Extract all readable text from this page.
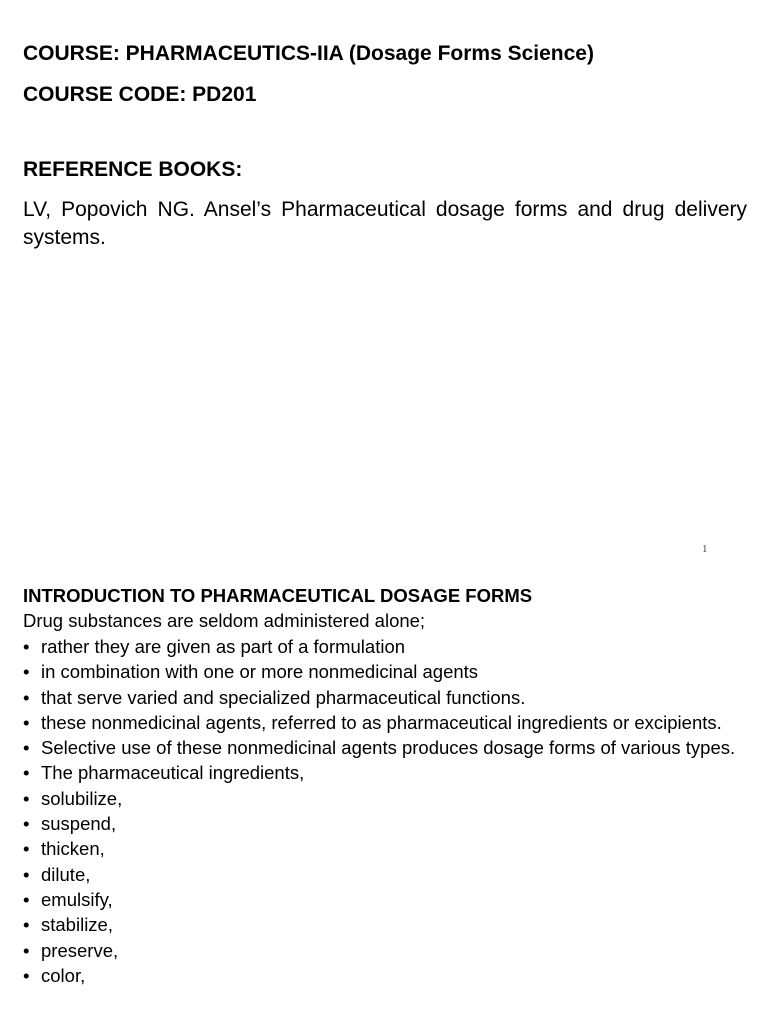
COURSE: PHARMACEUTICS-IIA (Dosage Forms Science)
COURSE CODE: PD201
REFERENCE BOOKS:
LV, Popovich NG. Ansel’s Pharmaceutical dosage forms and drug delivery systems.
1
INTRODUCTION TO PHARMACEUTICAL DOSAGE FORMS
Drug substances are seldom administered alone;
• rather they are given as part of a formulation
• in combination with one or more nonmedicinal agents
• that serve varied and specialized pharmaceutical functions.
• these nonmedicinal agents, referred to as pharmaceutical ingredients or excipients.
• Selective use of these nonmedicinal agents produces dosage forms of various types.
• The pharmaceutical ingredients,
• solubilize,
• suspend,
• thicken,
• dilute,
• emulsify,
• stabilize,
• preserve,
• color,
